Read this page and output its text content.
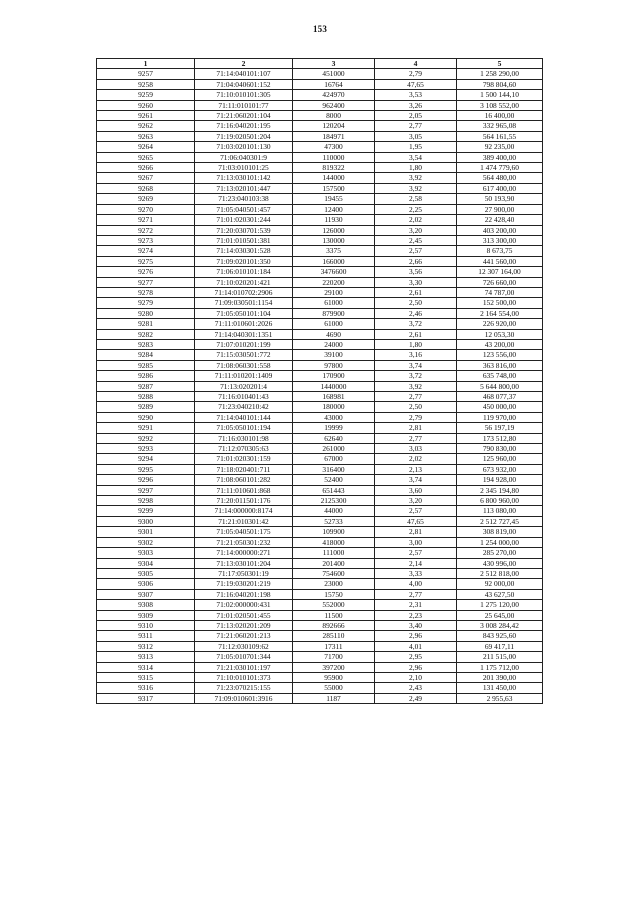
153
1	2	3	4	5
9257	71:14:040101:107	451000	2,79	1 258 290,00
9258	71:04:040601:152	16764	47,65	798 804,60
9259	71:10:010101:305	424970	3,53	1 500 144,10
9260	71:11:010101:77	962400	3,26	3 108 552,00
9261	71:21:060201:104	8000	2,05	16 400,00
9262	71:16:040201:195	120204	2,77	332 965,08
9263	71:19:020501:204	184971	3,05	564 161,55
9264	71:03:020101:130	47300	1,95	92 235,00
9265	71:06:040301:9	110000	3,54	389 400,00
9266	71:03:010101:25	819322	1,80	1 474 779,60
9267	71:13:030101:142	144000	3,92	564 480,00
9268	71:13:020101:447	157500	3,92	617 400,00
9269	71:23:040103:38	19455	2,58	50 193,90
9270	71:05:040501:457	12400	2,25	27 900,00
9271	71:01:020301:244	11930	2,02	22 428,40
9272	71:20:030701:539	126000	3,20	403 200,00
9273	71:01:010501:381	130000	2,45	313 300,00
9274	71:14:030301:528	3375	2,57	8 673,75
9275	71:09:020101:350	166000	2,66	441 560,00
9276	71:06:010101:184	3476600	3,56	12 307 164,00
9277	71:10:020201:421	220200	3,30	726 660,00
9278	71:14:010702:2906	29100	2,61	74 787,00
9279	71:09:030501:1154	61000	2,50	152 500,00
9280	71:05:050101:104	879900	2,46	2 164 554,00
9281	71:11:010601:2026	61000	3,72	226 920,00
9282	71:14:040301:1351	4690	2,61	12 053,30
9283	71:07:010201:199	24000	1,80	43 200,00
9284	71:15:030501:772	39100	3,16	123 556,00
9285	71:08:060301:558	97800	3,74	363 816,00
9286	71:11:010201:1409	170900	3,72	635 748,00
9287	71:13:020201:4	1440000	3,92	5 644 800,00
9288	71:16:010401:43	168981	2,77	468 077,37
9289	71:23:040210:42	180000	2,50	450 000,00
9290	71:14:040101:144	43000	2,79	119 970,00
9291	71:05:050101:194	19999	2,81	56 197,19
9292	71:16:030101:98	62640	2,77	173 512,80
9293	71:12:070305:63	261000	3,03	790 830,00
9294	71:01:020301:159	67000	2,02	125 960,00
9295	71:18:020401:711	316400	2,13	673 932,00
9296	71:08:060101:282	52400	3,74	194 928,00
9297	71:11:010601:868	651443	3,60	2 345 194,80
9298	71:20:011501:176	2125300	3,20	6 800 960,00
9299	71:14:000000:8174	44000	2,57	113 080,00
9300	71:21:010301:42	52733	47,65	2 512 727,45
9301	71:05:040501:175	109900	2,81	308 819,00
9302	71:21:050301:232	418000	3,00	1 254 000,00
9303	71:14:000000:271	111000	2,57	285 270,00
9304	71:13:030101:204	201400	2,14	430 996,00
9305	71:17:050301:19	754600	3,33	2 512 818,00
9306	71:19:030201:219	23000	4,00	92 000,00
9307	71:16:040201:198	15750	2,77	43 627,50
9308	71:02:000000:431	552000	2,31	1 275 120,00
9309	71:01:020501:455	11500	2,23	25 645,00
9310	71:13:020201:209	892666	3,40	3 008 284,42
9311	71:21:060201:213	285110	2,96	843 925,60
9312	71:12:030109:62	17311	4,01	69 417,11
9313	71:05:010701:344	71700	2,95	211 515,00
9314	71:21:030101:197	397200	2,96	1 175 712,00
9315	71:10:010101:373	95900	2,10	201 390,00
9316	71:23:070215:155	55000	2,43	131 450,00
9317	71:09:010601:3916	1187	2,49	2 955,63
